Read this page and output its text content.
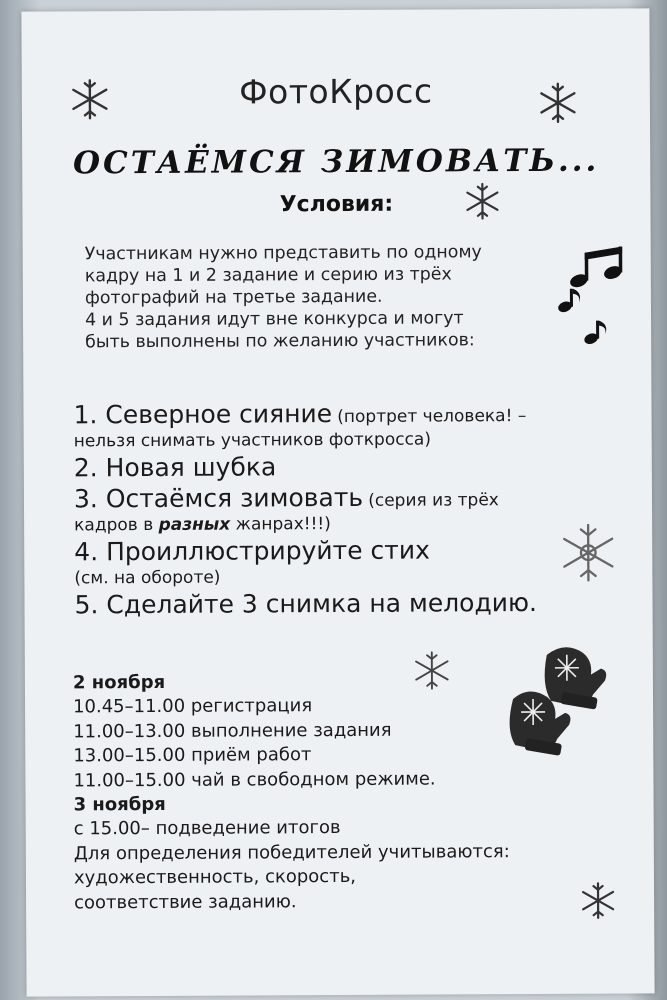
ФотоКросс
ОСТАЁМСЯ ЗИМОВАТЬ...
Условия:
Участникам нужно представить по одному
кадру на 1 и 2 задание и серию из трёх
фотографий на третье задание.
4 и 5 задания идут вне конкурса и могут
быть выполнены по желанию участников:
1. Северное сияние (портрет человека! –
нельзя снимать участников фоткросса)
2. Новая шубка
3. Остаёмся зимовать (серия из трёх
кадров в разных жанрах!!!)
4. Проиллюстрируйте стих
(см. на обороте)
5. Сделайте 3 снимка на мелодию.
2 ноября
10.45–11.00 регистрация
11.00–13.00 выполнение задания
13.00–15.00 приём работ
11.00–15.00 чай в свободном режиме.
3 ноября
с 15.00– подведение итогов
Для определения победителей учитываются:
художественность, скорость,
соответствие заданию.
